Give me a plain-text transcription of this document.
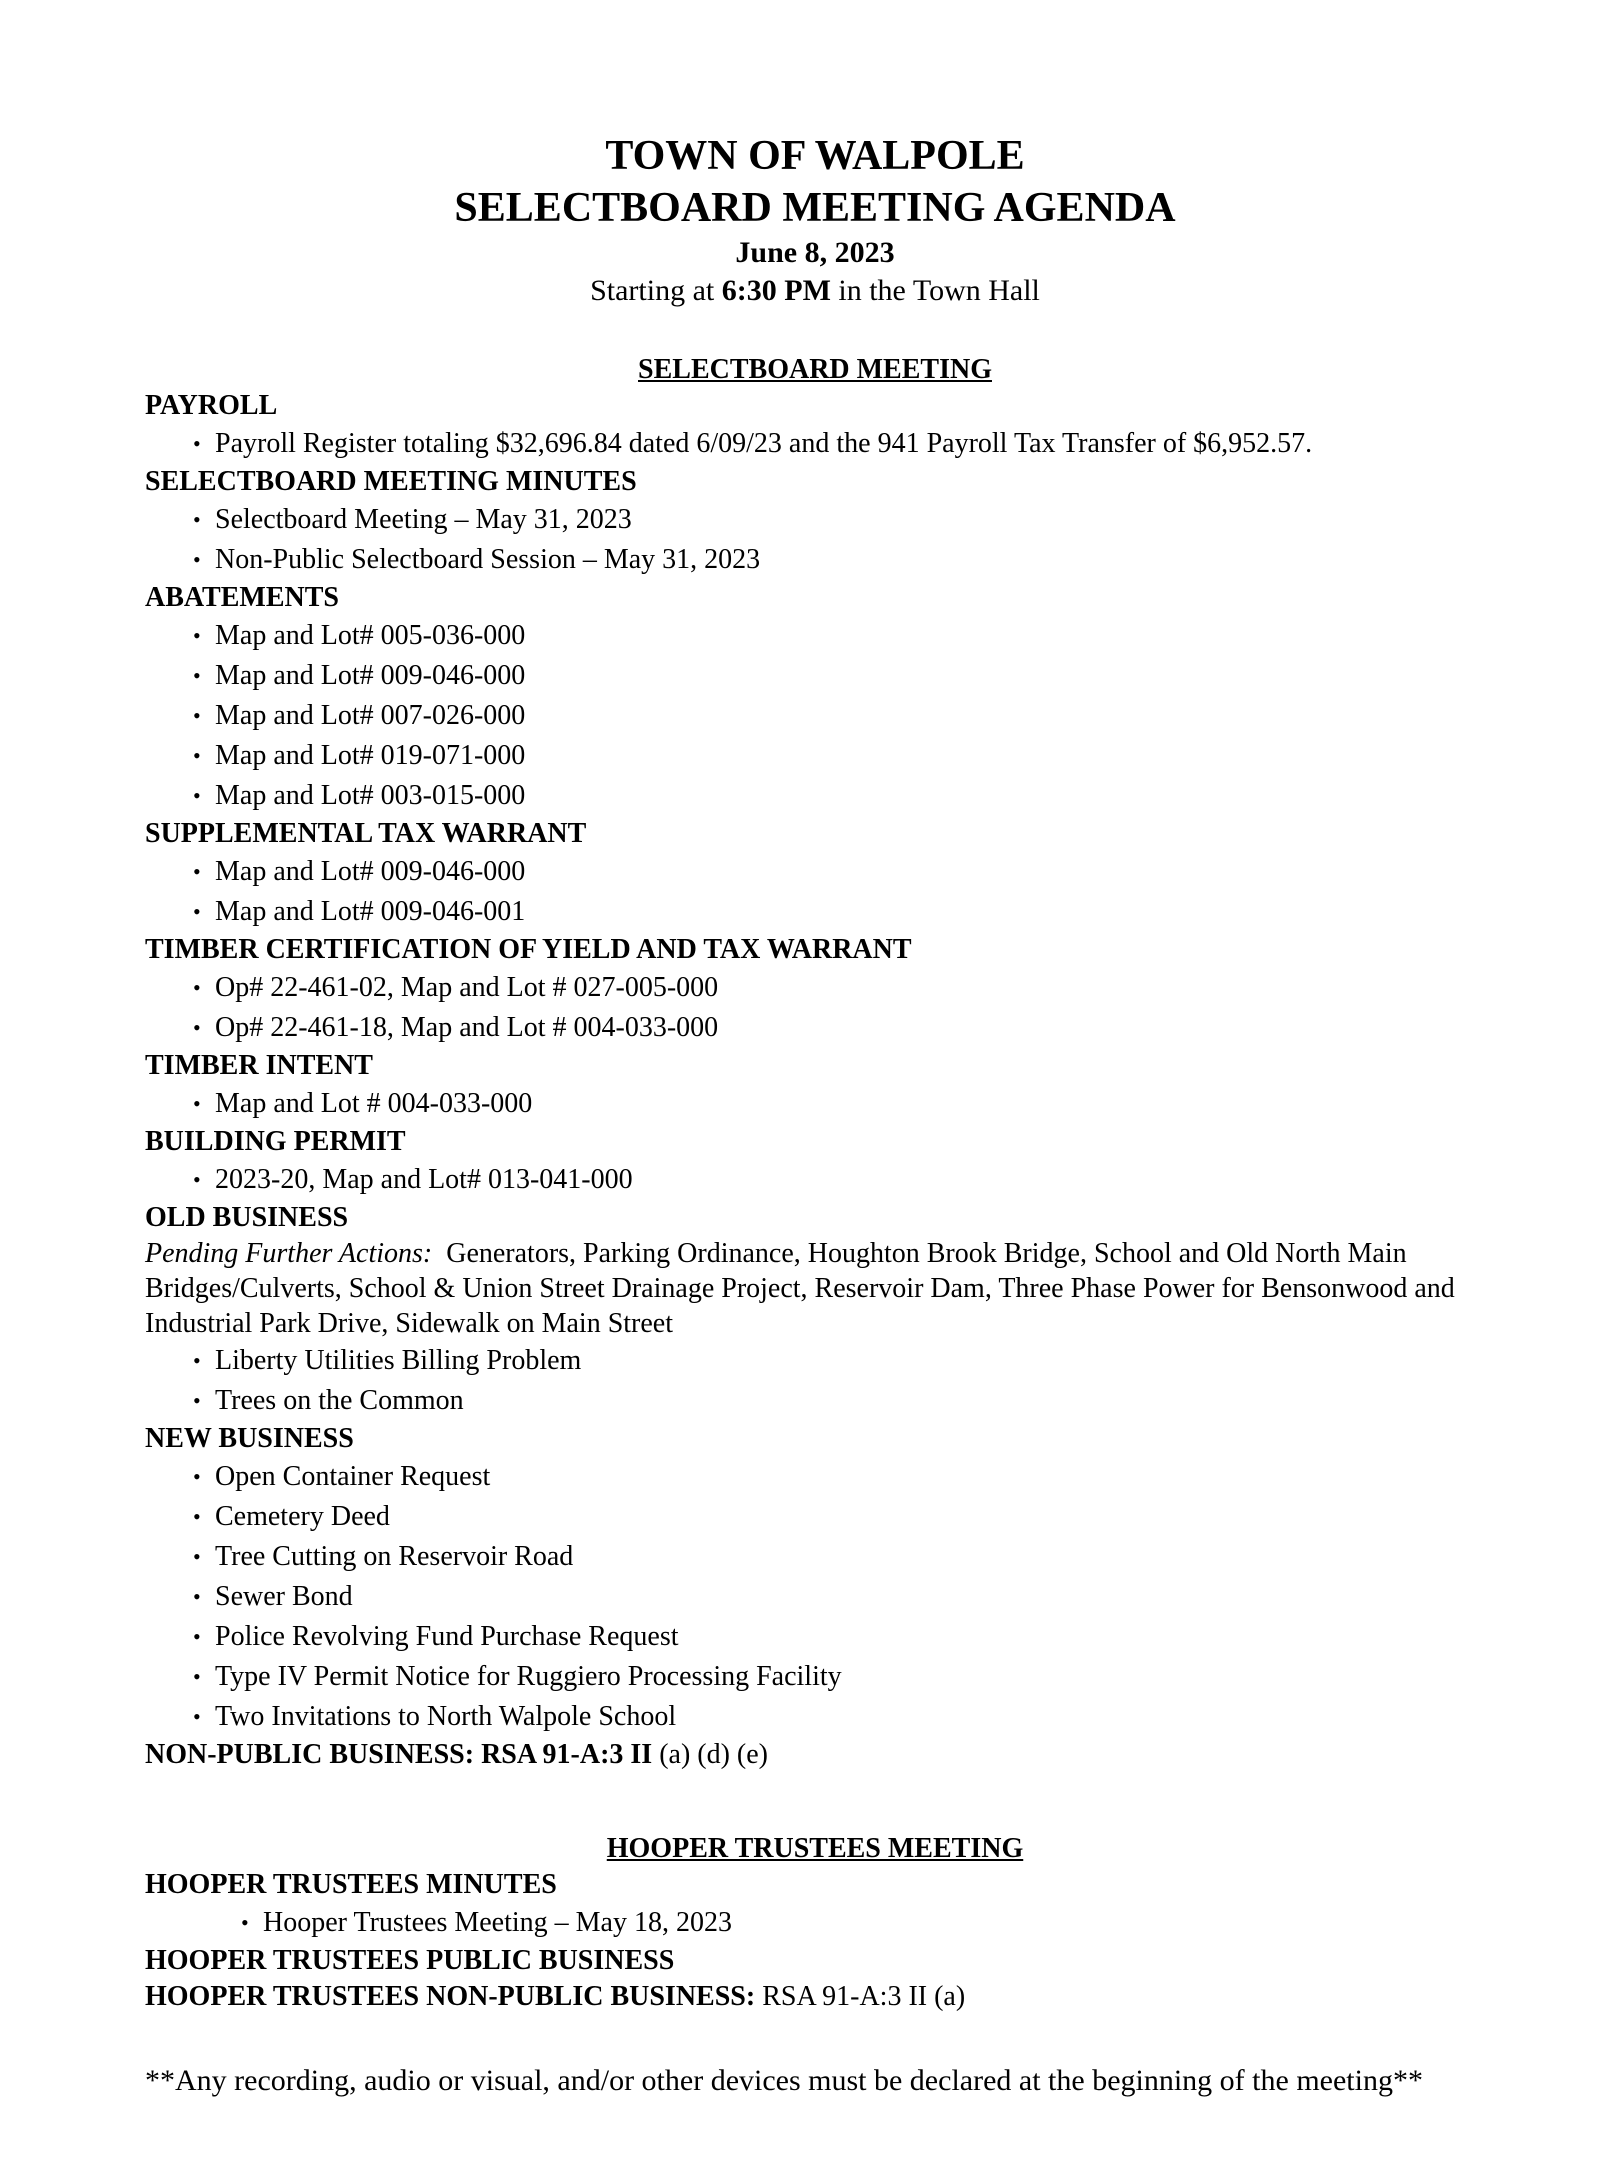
TOWN OF WALPOLE
SELECTBOARD MEETING AGENDA
June 8, 2023
Starting at 6:30 PM in the Town Hall
SELECTBOARD MEETING
PAYROLL
• Payroll Register totaling $32,696.84 dated 6/09/23 and the 941 Payroll Tax Transfer of $6,952.57.
SELECTBOARD MEETING MINUTES
• Selectboard Meeting – May 31, 2023
• Non-Public Selectboard Session – May 31, 2023
ABATEMENTS
• Map and Lot# 005-036-000
• Map and Lot# 009-046-000
• Map and Lot# 007-026-000
• Map and Lot# 019-071-000
• Map and Lot# 003-015-000
SUPPLEMENTAL TAX WARRANT
• Map and Lot# 009-046-000
• Map and Lot# 009-046-001
TIMBER CERTIFICATION OF YIELD AND TAX WARRANT
• Op# 22-461-02, Map and Lot # 027-005-000
• Op# 22-461-18, Map and Lot # 004-033-000
TIMBER INTENT
• Map and Lot # 004-033-000
BUILDING PERMIT
• 2023-20, Map and Lot# 013-041-000
OLD BUSINESS
Pending Further Actions: Generators, Parking Ordinance, Houghton Brook Bridge, School and Old North Main Bridges/Culverts, School & Union Street Drainage Project, Reservoir Dam, Three Phase Power for Bensonwood and Industrial Park Drive, Sidewalk on Main Street
• Liberty Utilities Billing Problem
• Trees on the Common
NEW BUSINESS
• Open Container Request
• Cemetery Deed
• Tree Cutting on Reservoir Road
• Sewer Bond
• Police Revolving Fund Purchase Request
• Type IV Permit Notice for Ruggiero Processing Facility
• Two Invitations to North Walpole School
NON-PUBLIC BUSINESS: RSA 91-A:3 II (a) (d) (e)
HOOPER TRUSTEES MEETING
HOOPER TRUSTEES MINUTES
• Hooper Trustees Meeting – May 18, 2023
HOOPER TRUSTEES PUBLIC BUSINESS
HOOPER TRUSTEES NON-PUBLIC BUSINESS: RSA 91-A:3 II (a)
**Any recording, audio or visual, and/or other devices must be declared at the beginning of the meeting**
